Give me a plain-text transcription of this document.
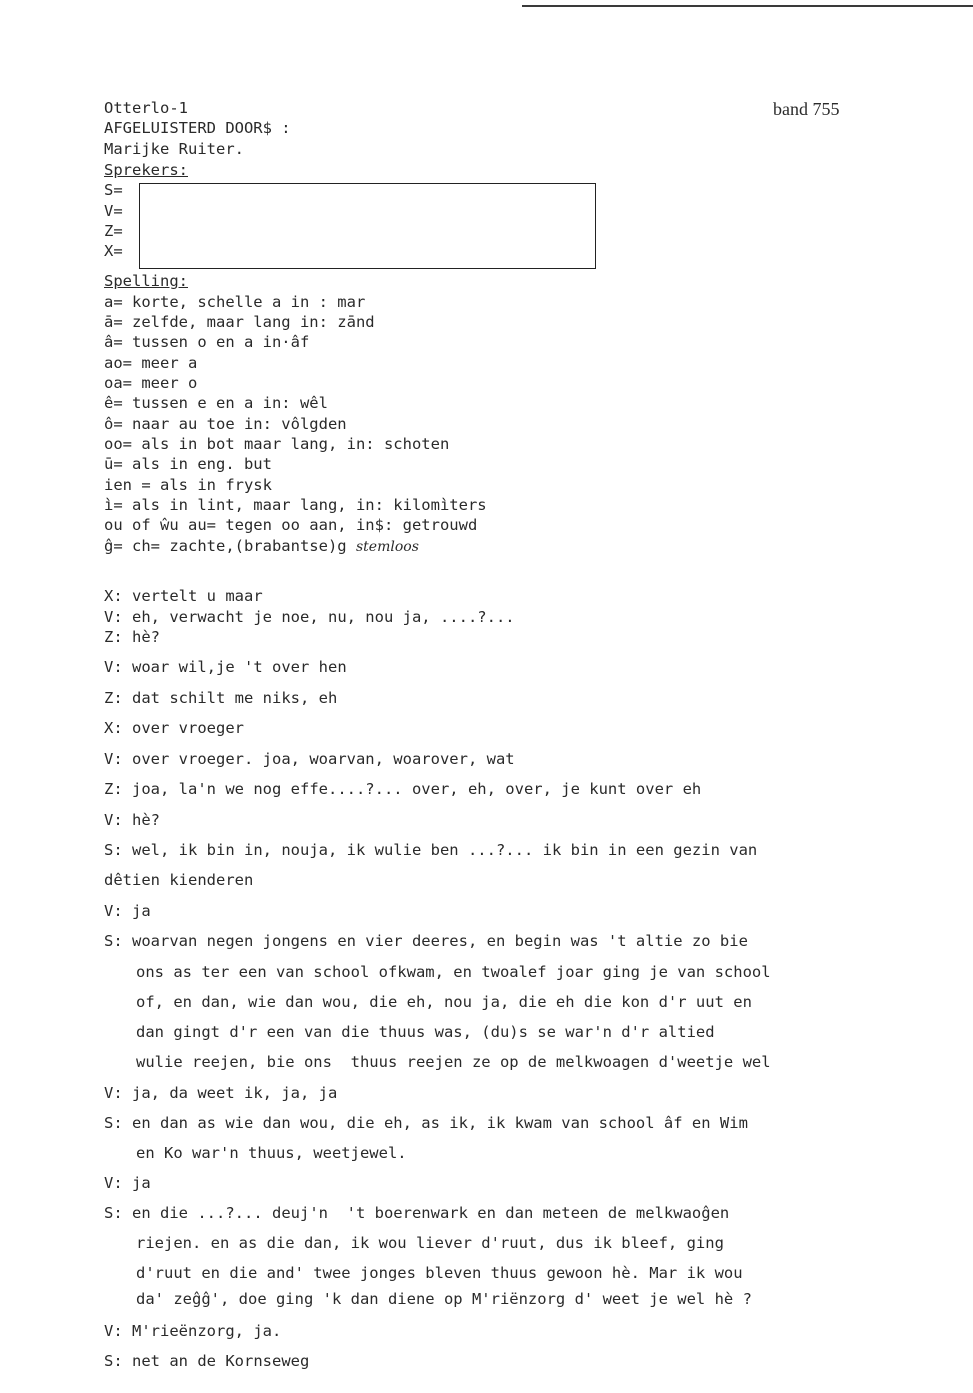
Otterlo-1	band 755
AFGELUISTERD DOOR$ :
Marijke Ruiter.
Sprekers:
S=
V=
Z=
X=
Spelling:
a= korte, schelle a in : mar
ā= zelfde, maar lang in: zānd
â= tussen o en a in·âf
ao= meer a
oa= meer o
ê= tussen e en a in: wêl
ô= naar au toe in: vôlgden
oo= als in bot maar lang, in: schoten
ū= als in eng. but
ien = als in frysk
ì= als in lint, maar lang, in: kilomìters
ou of ŵu au= tegen oo aan, in$: getrouwd
ĝ= ch= zachte,(brabantse)g stemloos
X: vertelt u maar
V: eh, verwacht je noe, nu, nou ja, ....?...
Z: hè?
V: woar wil,je 't over hen
Z: dat schilt me niks, eh
X: over vroeger
V: over vroeger. joa, woarvan, woarover, wat
Z: joa, la'n we nog effe....?... over, eh, over, je kunt over eh
V: hè?
S: wel, ik bin in, nouja, ik wulie ben ...?... ik bin in een gezin van
dêtien kienderen
V: ja
S: woarvan negen jongens en vier deeres, en begin was 't altie zo bie
ons as ter een van school ofkwam, en twoalef joar ging je van school
of, en dan, wie dan wou, die eh, nou ja, die eh die kon d'r uut en
dan gingt d'r een van die thuus was, (du)s se war'n d'r altied
wulie reejen, bie ons  thuus reejen ze op de melkwoagen d'weetje wel
V: ja, da weet ik, ja, ja
S: en dan as wie dan wou, die eh, as ik, ik kwam van school âf en Wim
en Ko war'n thuus, weetjewel.
V: ja
S: en die ...?... deuj'n  't boerenwark en dan meteen de melkwaoĝen
riejen. en as die dan, ik wou liever d'ruut, dus ik bleef, ging
d'ruut en die and' twee jonges bleven thuus gewoon hè. Mar ik wou
da' zeĝĝ', doe ging 'k dan diene op M'riënzorg d' weet je wel hè ?
V: M'rieënzorg, ja.
S: net an de Kornseweg
